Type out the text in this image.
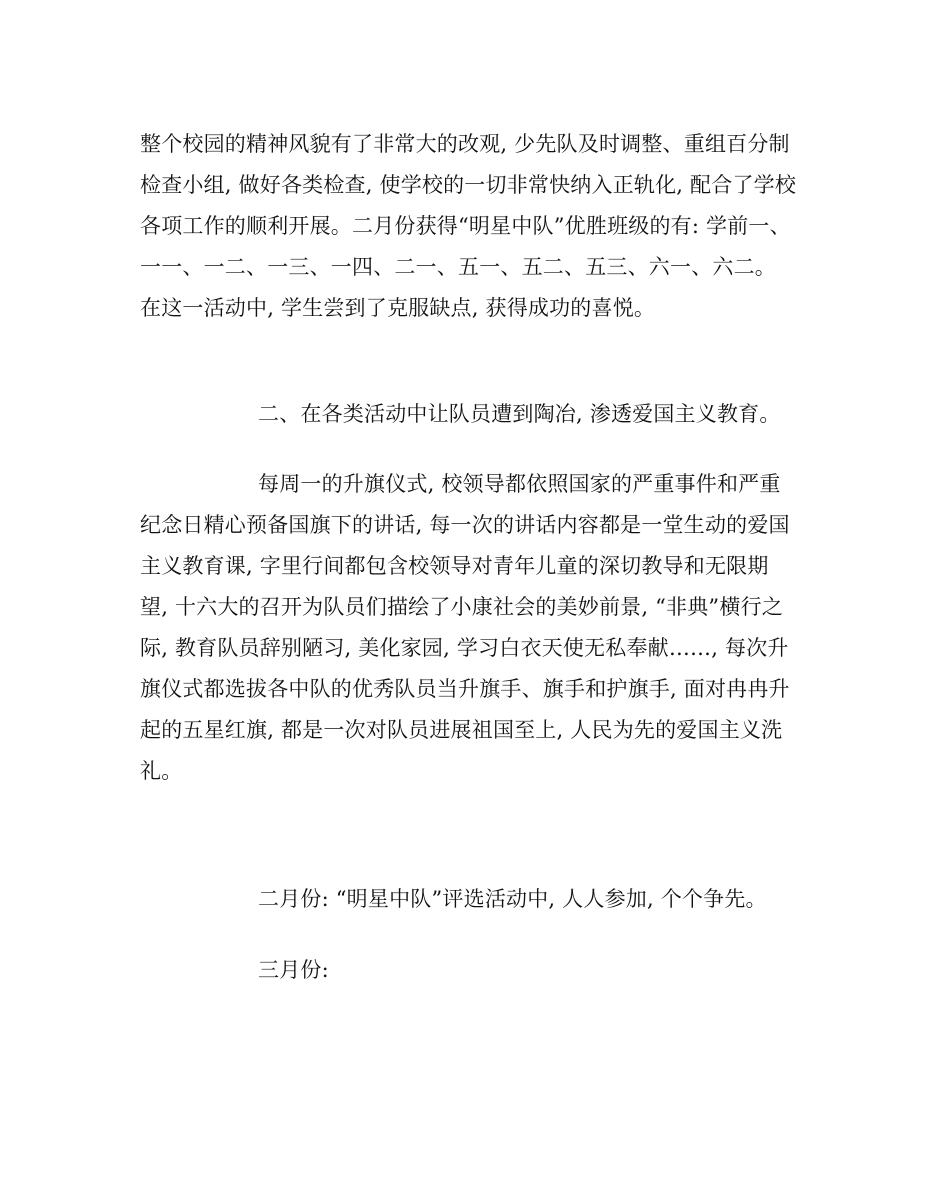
整个校园的精神风貌有了非常大的改观, 少先队及时调整、重组百分制
检查小组, 做好各类检查, 使学校的一切非常快纳入正轨化, 配合了学校
各项工作的顺利开展。二月份获得“明星中队”优胜班级的有: 学前一、
一一、一二、一三、一四、二一、五一、五二、五三、六一、六二。
在这一活动中, 学生尝到了克服缺点, 获得成功的喜悦。
二、在各类活动中让队员遭到陶冶, 渗透爱国主义教育。
每周一的升旗仪式, 校领导都依照国家的严重事件和严重
纪念日精心预备国旗下的讲话, 每一次的讲话内容都是一堂生动的爱国
主义教育课, 字里行间都包含校领导对青年儿童的深切教导和无限期
望, 十六大的召开为队员们描绘了小康社会的美妙前景, “非典”横行之
际, 教育队员辞别陋习, 美化家园, 学习白衣天使无私奉献……, 每次升
旗仪式都选拔各中队的优秀队员当升旗手、旗手和护旗手, 面对冉冉升
起的五星红旗, 都是一次对队员进展祖国至上, 人民为先的爱国主义洗
礼。
二月份: “明星中队”评选活动中, 人人参加, 个个争先。
三月份:
